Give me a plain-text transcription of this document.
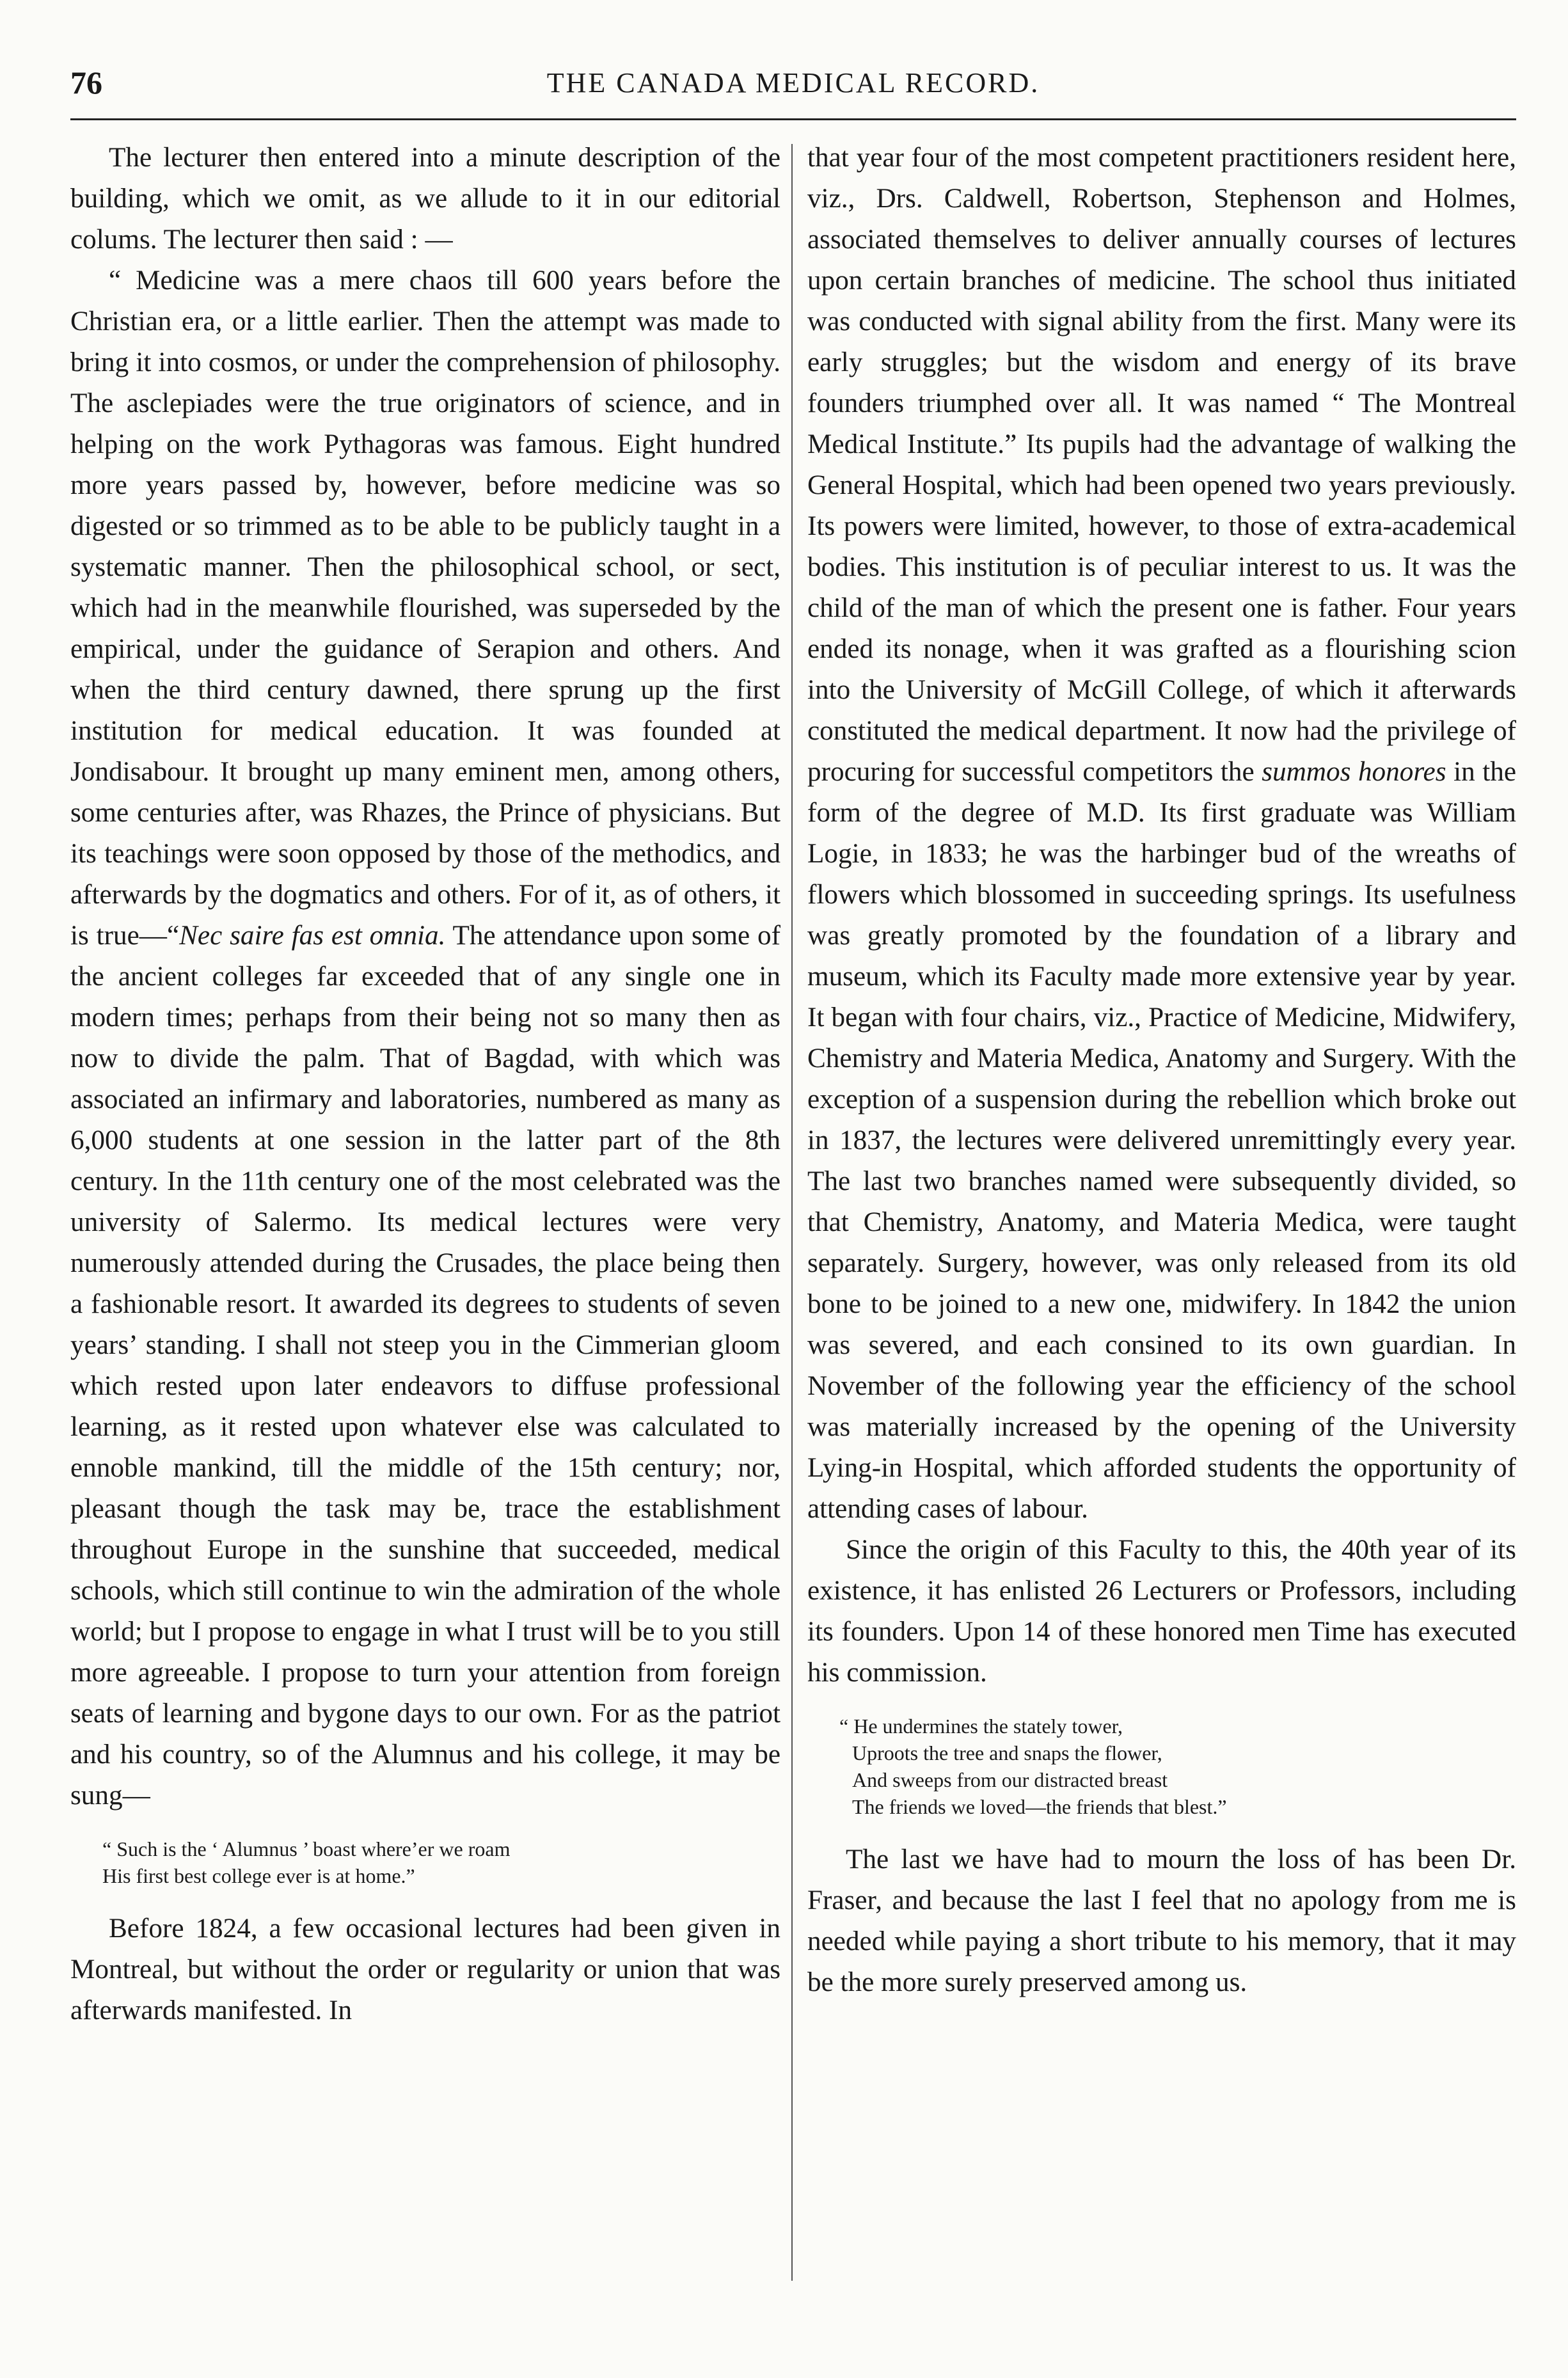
76	THE CANADA MEDICAL RECORD.

The lecturer then entered into a minute description of the building, which we omit, as we allude to it in our editorial colums. The lecturer then said : —

“ Medicine was a mere chaos till 600 years before the Christian era, or a little earlier. Then the attempt was made to bring it into cosmos, or under the comprehension of philosophy. The asclepiades were the true originators of science, and in helping on the work Pythagoras was famous. Eight hundred more years passed by, however, before medicine was so digested or so trimmed as to be able to be publicly taught in a systematic manner. Then the philosophical school, or sect, which had in the meanwhile flourished, was superseded by the empirical, under the guidance of Serapion and others. And when the third century dawned, there sprung up the first institution for medical education. It was founded at Jondisabour. It brought up many eminent men, among others, some centuries after, was Rhazes, the Prince of physicians. But its teachings were soon opposed by those of the methodics, and afterwards by the dogmatics and others. For of it, as of others, it is true—“Nec saire fas est omnia. The attendance upon some of the ancient colleges far exceeded that of any single one in modern times; perhaps from their being not so many then as now to divide the palm. That of Bagdad, with which was associated an infirmary and laboratories, numbered as many as 6,000 students at one session in the latter part of the 8th century. In the 11th century one of the most celebrated was the university of Salermo. Its medical lectures were very numerously attended during the Crusades, the place being then a fashionable resort. It awarded its degrees to students of seven years’ standing. I shall not steep you in the Cimmerian gloom which rested upon later endeavors to diffuse professional learning, as it rested upon whatever else was calculated to ennoble mankind, till the middle of the 15th century; nor, pleasant though the task may be, trace the establishment throughout Europe in the sunshine that succeeded, medical schools, which still continue to win the admiration of the whole world; but I propose to engage in what I trust will be to you still more agreeable. I propose to turn your attention from foreign seats of learning and bygone days to our own. For as the patriot and his country, so of the Alumnus and his college, it may be sung—

“ Such is the ‘ Alumnus ’ boast where’er we roam
His first best college ever is at home.”

Before 1824, a few occasional lectures had been given in Montreal, but without the order or regularity or union that was afterwards manifested. In

that year four of the most competent practitioners resident here, viz., Drs. Caldwell, Robertson, Stephenson and Holmes, associated themselves to deliver annually courses of lectures upon certain branches of medicine. The school thus initiated was conducted with signal ability from the first. Many were its early struggles; but the wisdom and energy of its brave founders triumphed over all. It was named “ The Montreal Medical Institute.” Its pupils had the advantage of walking the General Hospital, which had been opened two years previously. Its powers were limited, however, to those of extra-academical bodies. This institution is of peculiar interest to us. It was the child of the man of which the present one is father. Four years ended its nonage, when it was grafted as a flourishing scion into the University of McGill College, of which it afterwards constituted the medical department. It now had the privilege of procuring for successful competitors the summos honores in the form of the degree of M.D. Its first graduate was William Logie, in 1833; he was the harbinger bud of the wreaths of flowers which blossomed in succeeding springs. Its usefulness was greatly promoted by the foundation of a library and museum, which its Faculty made more extensive year by year. It began with four chairs, viz., Practice of Medicine, Midwifery, Chemistry and Materia Medica, Anatomy and Surgery. With the exception of a suspension during the rebellion which broke out in 1837, the lectures were delivered unremittingly every year. The last two branches named were subsequently divided, so that Chemistry, Anatomy, and Materia Medica, were taught separately. Surgery, however, was only released from its old bone to be joined to a new one, midwifery. In 1842 the union was severed, and each consined to its own guardian. In November of the following year the efficiency of the school was materially increased by the opening of the University Lying-in Hospital, which afforded students the opportunity of attending cases of labour.

Since the origin of this Faculty to this, the 40th year of its existence, it has enlisted 26 Lecturers or Professors, including its founders. Upon 14 of these honored men Time has executed his commission.

“ He undermines the stately tower,
Uproots the tree and snaps the flower,
And sweeps from our distracted breast
The friends we loved—the friends that blest.”

The last we have had to mourn the loss of has been Dr. Fraser, and because the last I feel that no apology from me is needed while paying a short tribute to his memory, that it may be the more surely preserved among us.
